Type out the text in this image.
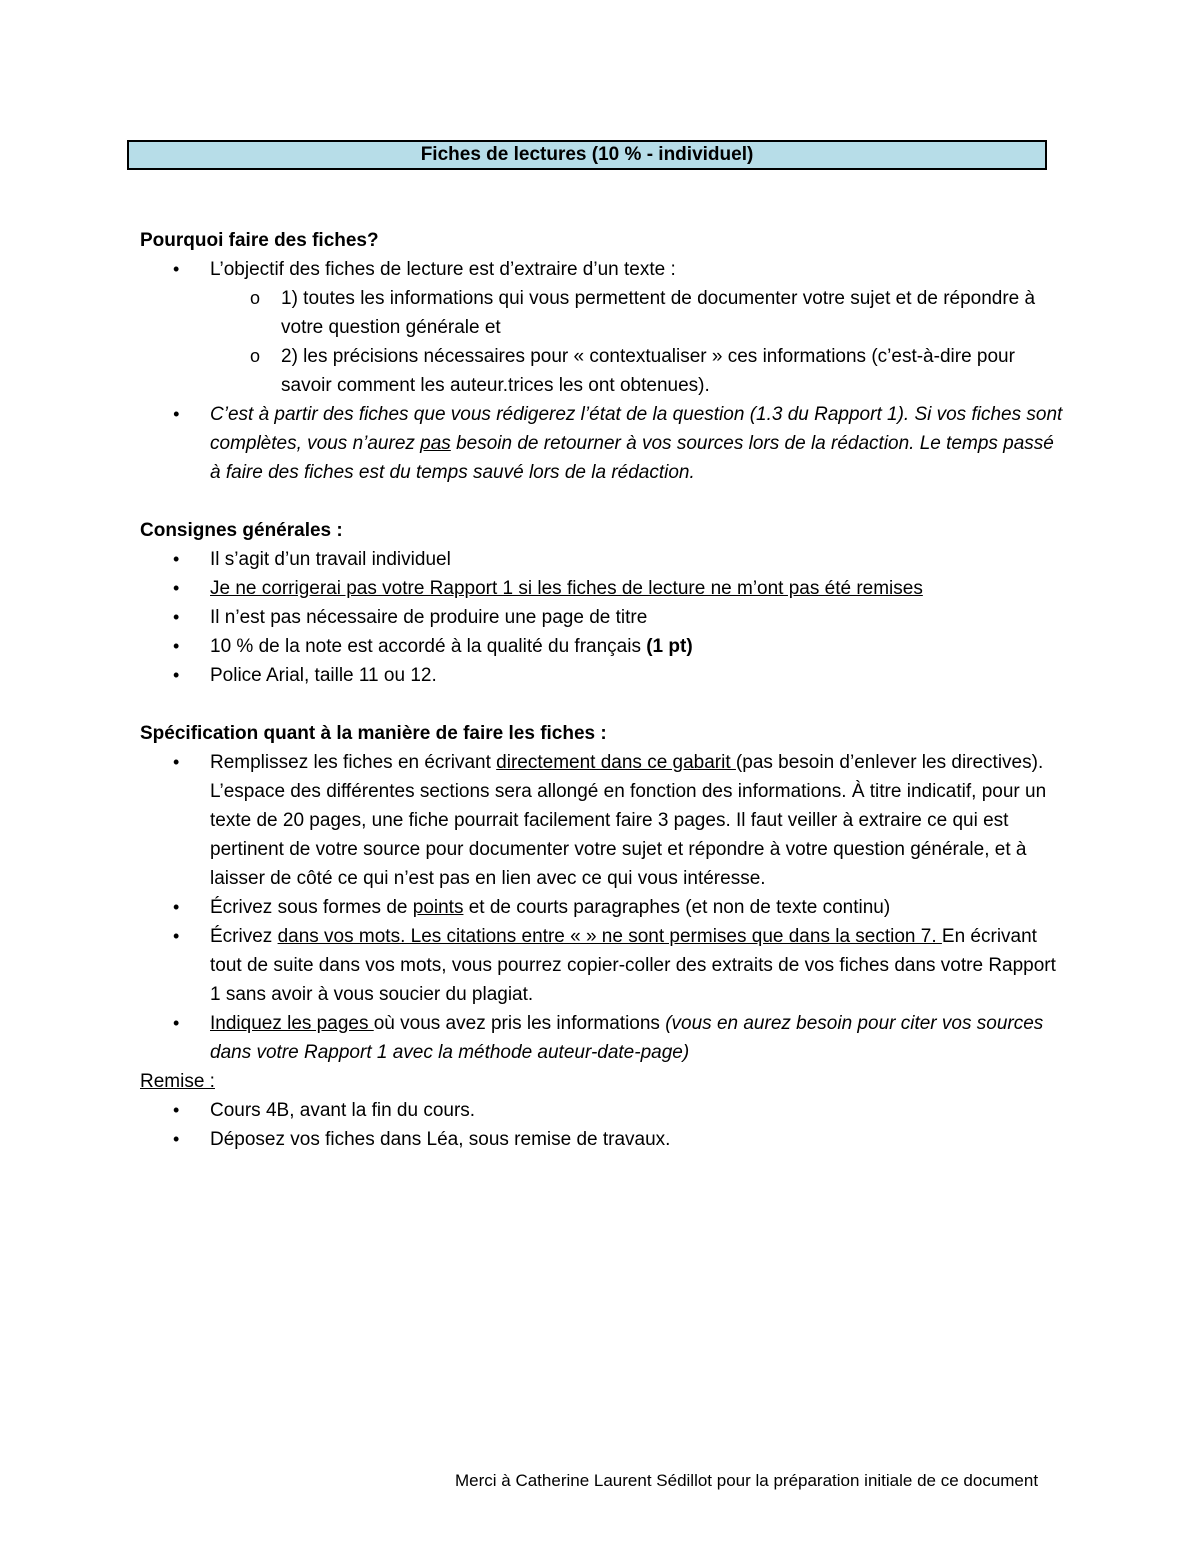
Fiches de lectures (10 % - individuel)

Pourquoi faire des fiches?

•	L’objectif des fiches de lecture est d’extraire d’un texte :
o 1) toutes les informations qui vous permettent de documenter votre sujet et de répondre à votre question générale et
o 2) les précisions nécessaires pour « contextualiser » ces informations (c’est-à-dire pour savoir comment les auteur.trices les ont obtenues).
•	C’est à partir des fiches que vous rédigerez l’état de la question (1.3 du Rapport 1). Si vos fiches sont complètes, vous n’aurez pas besoin de retourner à vos sources lors de la rédaction. Le temps passé à faire des fiches est du temps sauvé lors de la rédaction.

Consignes générales :

•	Il s’agit d’un travail individuel
•	Je ne corrigerai pas votre Rapport 1 si les fiches de lecture ne m’ont pas été remises
•	Il n’est pas nécessaire de produire une page de titre
•	10 % de la note est accordé à la qualité du français (1 pt)
•	Police Arial, taille 11 ou 12.

Spécification quant à la manière de faire les fiches :

•	Remplissez les fiches en écrivant directement dans ce gabarit (pas besoin d’enlever les directives). L’espace des différentes sections sera allongé en fonction des informations. À titre indicatif, pour un texte de 20 pages, une fiche pourrait facilement faire 3 pages. Il faut veiller à extraire ce qui est pertinent de votre source pour documenter votre sujet et répondre à votre question générale, et à laisser de côté ce qui n’est pas en lien avec ce qui vous intéresse.
•	Écrivez sous formes de points et de courts paragraphes (et non de texte continu)
•	Écrivez dans vos mots. Les citations entre « » ne sont permises que dans la section 7. En écrivant tout de suite dans vos mots, vous pourrez copier-coller des extraits de vos fiches dans votre Rapport 1 sans avoir à vous soucier du plagiat.
•	Indiquez les pages où vous avez pris les informations (vous en aurez besoin pour citer vos sources dans votre Rapport 1 avec la méthode auteur-date-page)

Remise :

•	Cours 4B, avant la fin du cours.
•	Déposez vos fiches dans Léa, sous remise de travaux.
Merci à Catherine Laurent Sédillot pour la préparation initiale de ce document
